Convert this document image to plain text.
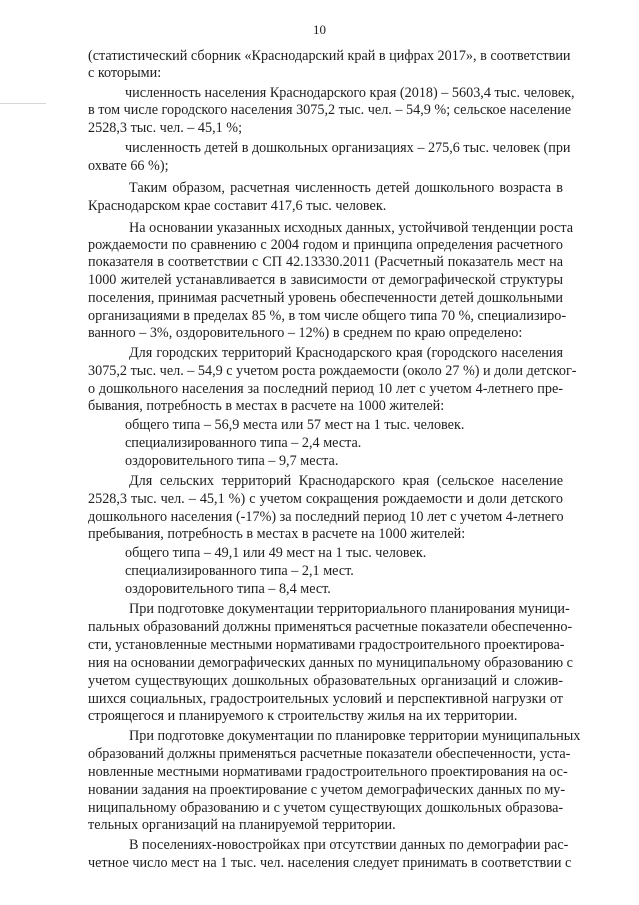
10
(статистический сборник «Краснодарский край в цифрах 2017», в соответствии
с которыми:
численность населения Краснодарского края (2018) – 5603,4 тыс. человек,
в том числе городского населения 3075,2 тыс. чел. – 54,9 %; сельское население
2528,3 тыс. чел. – 45,1 %;
численность детей в дошкольных организациях – 275,6 тыс. человек (при
охвате 66 %);
Таким образом, расчетная численность детей дошкольного возраста в
Краснодарском крае составит 417,6 тыс. человек.
На основании указанных исходных данных, устойчивой тенденции роста
рождаемости по сравнению с 2004 годом и принципа определения расчетного
показателя в соответствии с СП 42.13330.2011 (Расчетный показатель мест на
1000 жителей устанавливается в зависимости от демографической структуры
поселения, принимая расчетный уровень обеспеченности детей дошкольными
организациями в пределах 85 %, в том числе общего типа 70 %, специализиро-
ванного – 3%, оздоровительного – 12%) в среднем по краю определено:
Для городских территорий Краснодарского края (городского населения
3075,2 тыс. чел. – 54,9 с учетом роста рождаемости (около 27 %) и доли детског-
о дошкольного населения за последний период 10 лет с учетом 4-летнего пре-
бывания, потребность в местах в расчете на 1000 жителей:
общего типа – 56,9 места или 57 мест на 1 тыс. человек.
специализированного типа – 2,4 места.
оздоровительного типа – 9,7 места.
Для сельских территорий Краснодарского края (сельское население
2528,3 тыс. чел. – 45,1 %) с учетом сокращения рождаемости и доли детского
дошкольного населения (-17%) за последний период 10 лет с учетом 4-летнего
пребывания, потребность в местах в расчете на 1000 жителей:
общего типа – 49,1 или 49 мест на 1 тыс. человек.
специализированного типа – 2,1 мест.
оздоровительного типа – 8,4 мест.
При подготовке документации территориального планирования муници-
пальных образований должны применяться расчетные показатели обеспеченно-
сти, установленные местными нормативами градостроительного проектирова-
ния на основании демографических данных по муниципальному образованию с
учетом существующих дошкольных образовательных организаций и сложив-
шихся социальных, градостроительных условий и перспективной нагрузки от
строящегося и планируемого к строительству жилья на их территории.
При подготовке документации по планировке территории муниципальных
образований должны применяться расчетные показатели обеспеченности, уста-
новленные местными нормативами градостроительного проектирования на ос-
новании задания на проектирование с учетом демографических данных по му-
ниципальному образованию и с учетом существующих дошкольных образова-
тельных организаций на планируемой территории.
В поселениях-новостройках при отсутствии данных по демографии рас-
четное число мест на 1 тыс. чел. населения следует принимать в соответствии с
